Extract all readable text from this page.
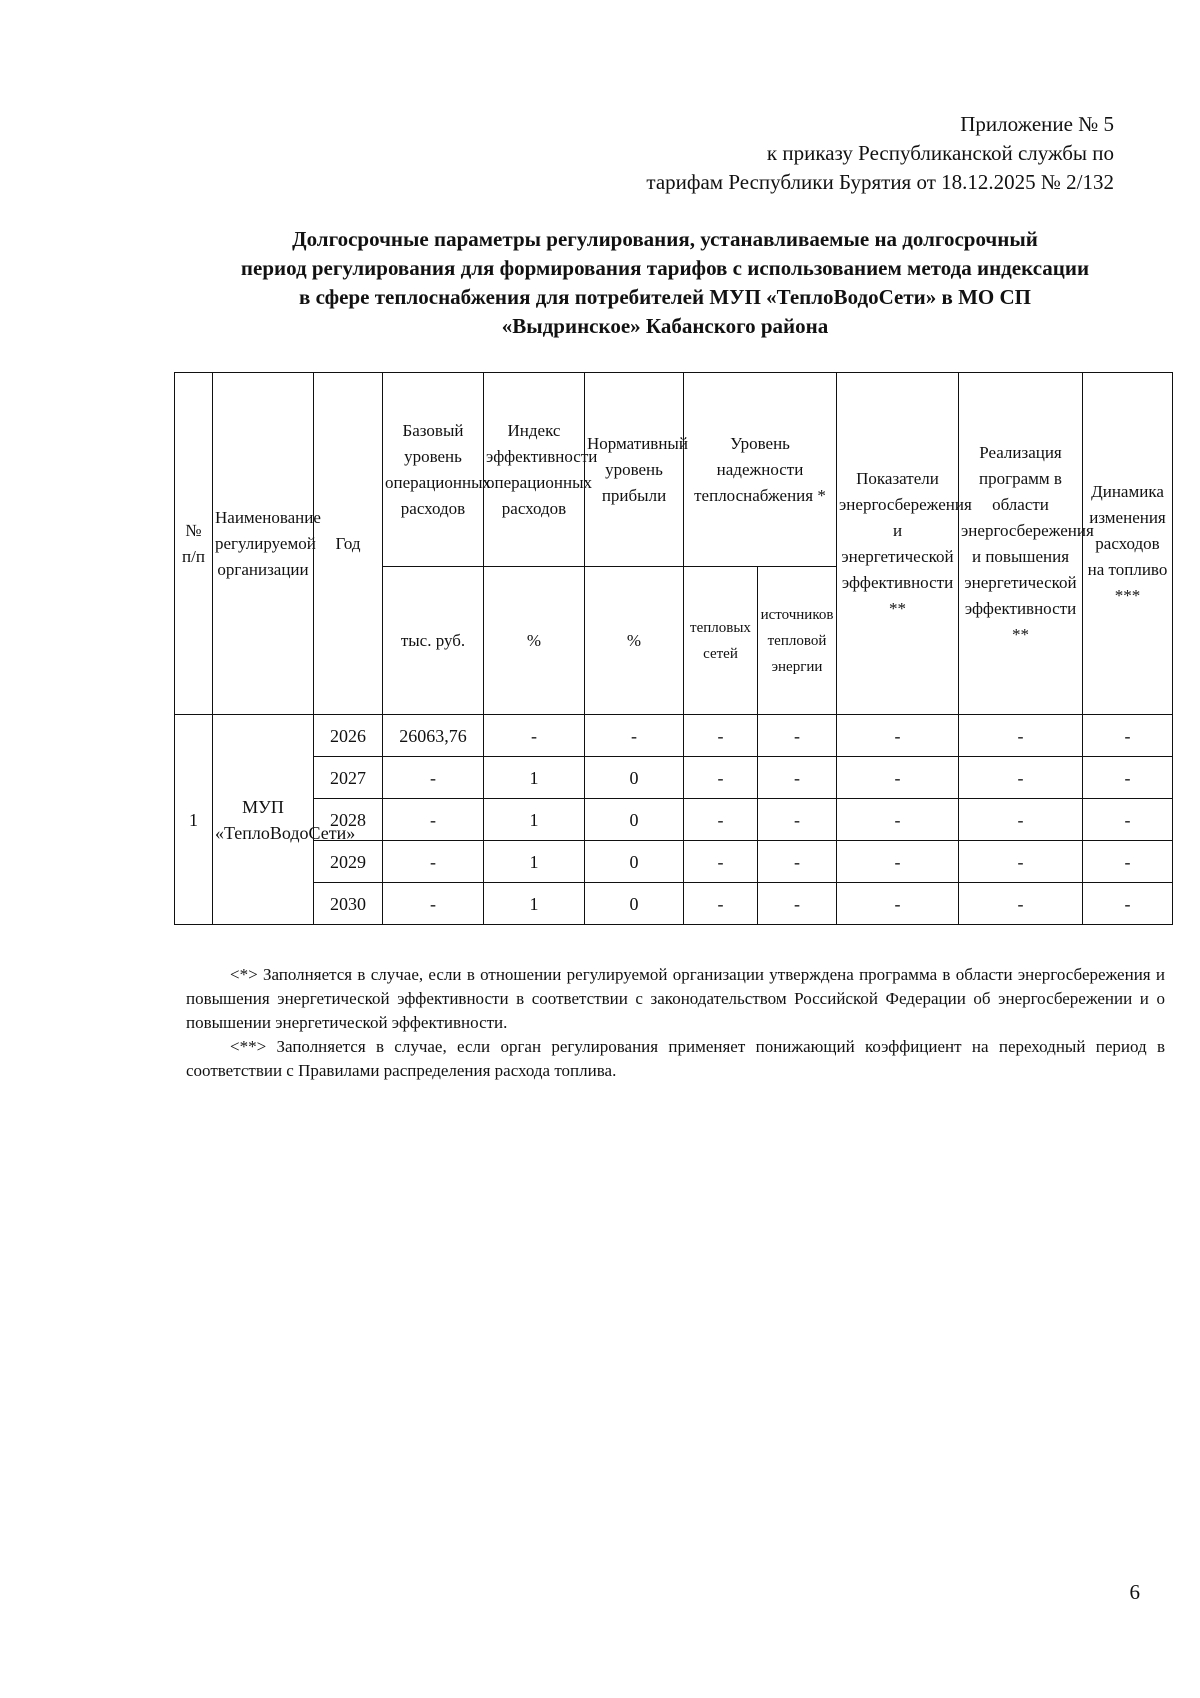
Приложение № 5
к приказу Республиканской службы по
тарифам Республики Бурятия от 18.12.2025 № 2/132
Долгосрочные параметры регулирования, устанавливаемые на долгосрочный
период регулирования для формирования тарифов с использованием метода индексации
в сфере теплоснабжения для потребителей МУП «ТеплоВодоСети» в МО СП
«Выдринское» Кабанского района
№ п/п	Наименование регулируемой организации	Год	Базовый уровень операционных расходов	Индекс эффективности операционных расходов	Нормативный уровень прибыли	Уровень надежности теплоснабжения *		Показатели энергосбережения и энергетической эффективности **	Реализация программ в области энергосбережения и повышения энергетической эффективности **	Динамика изменения расходов на топливо ***
			тыс. руб.	%	%	тепловых сетей	источников тепловой энергии			
1	МУП «ТеплоВодоСети»	2026	26063,76	-	-	-	-	-	-	-
		2027	-	1	0	-	-	-	-	-
		2028	-	1	0	-	-	-	-	-
		2029	-	1	0	-	-	-	-	-
		2030	-	1	0	-	-	-	-	-

<*> Заполняется в случае, если в отношении регулируемой организации утверждена программа в области энергосбережения и повышения энергетической эффективности в соответствии с законодательством Российской Федерации об энергосбережении и о повышении энергетической эффективности.

<**> Заполняется в случае, если орган регулирования применяет понижающий коэффициент на переходный период в соответствии с Правилами распределения расхода топлива.

6
